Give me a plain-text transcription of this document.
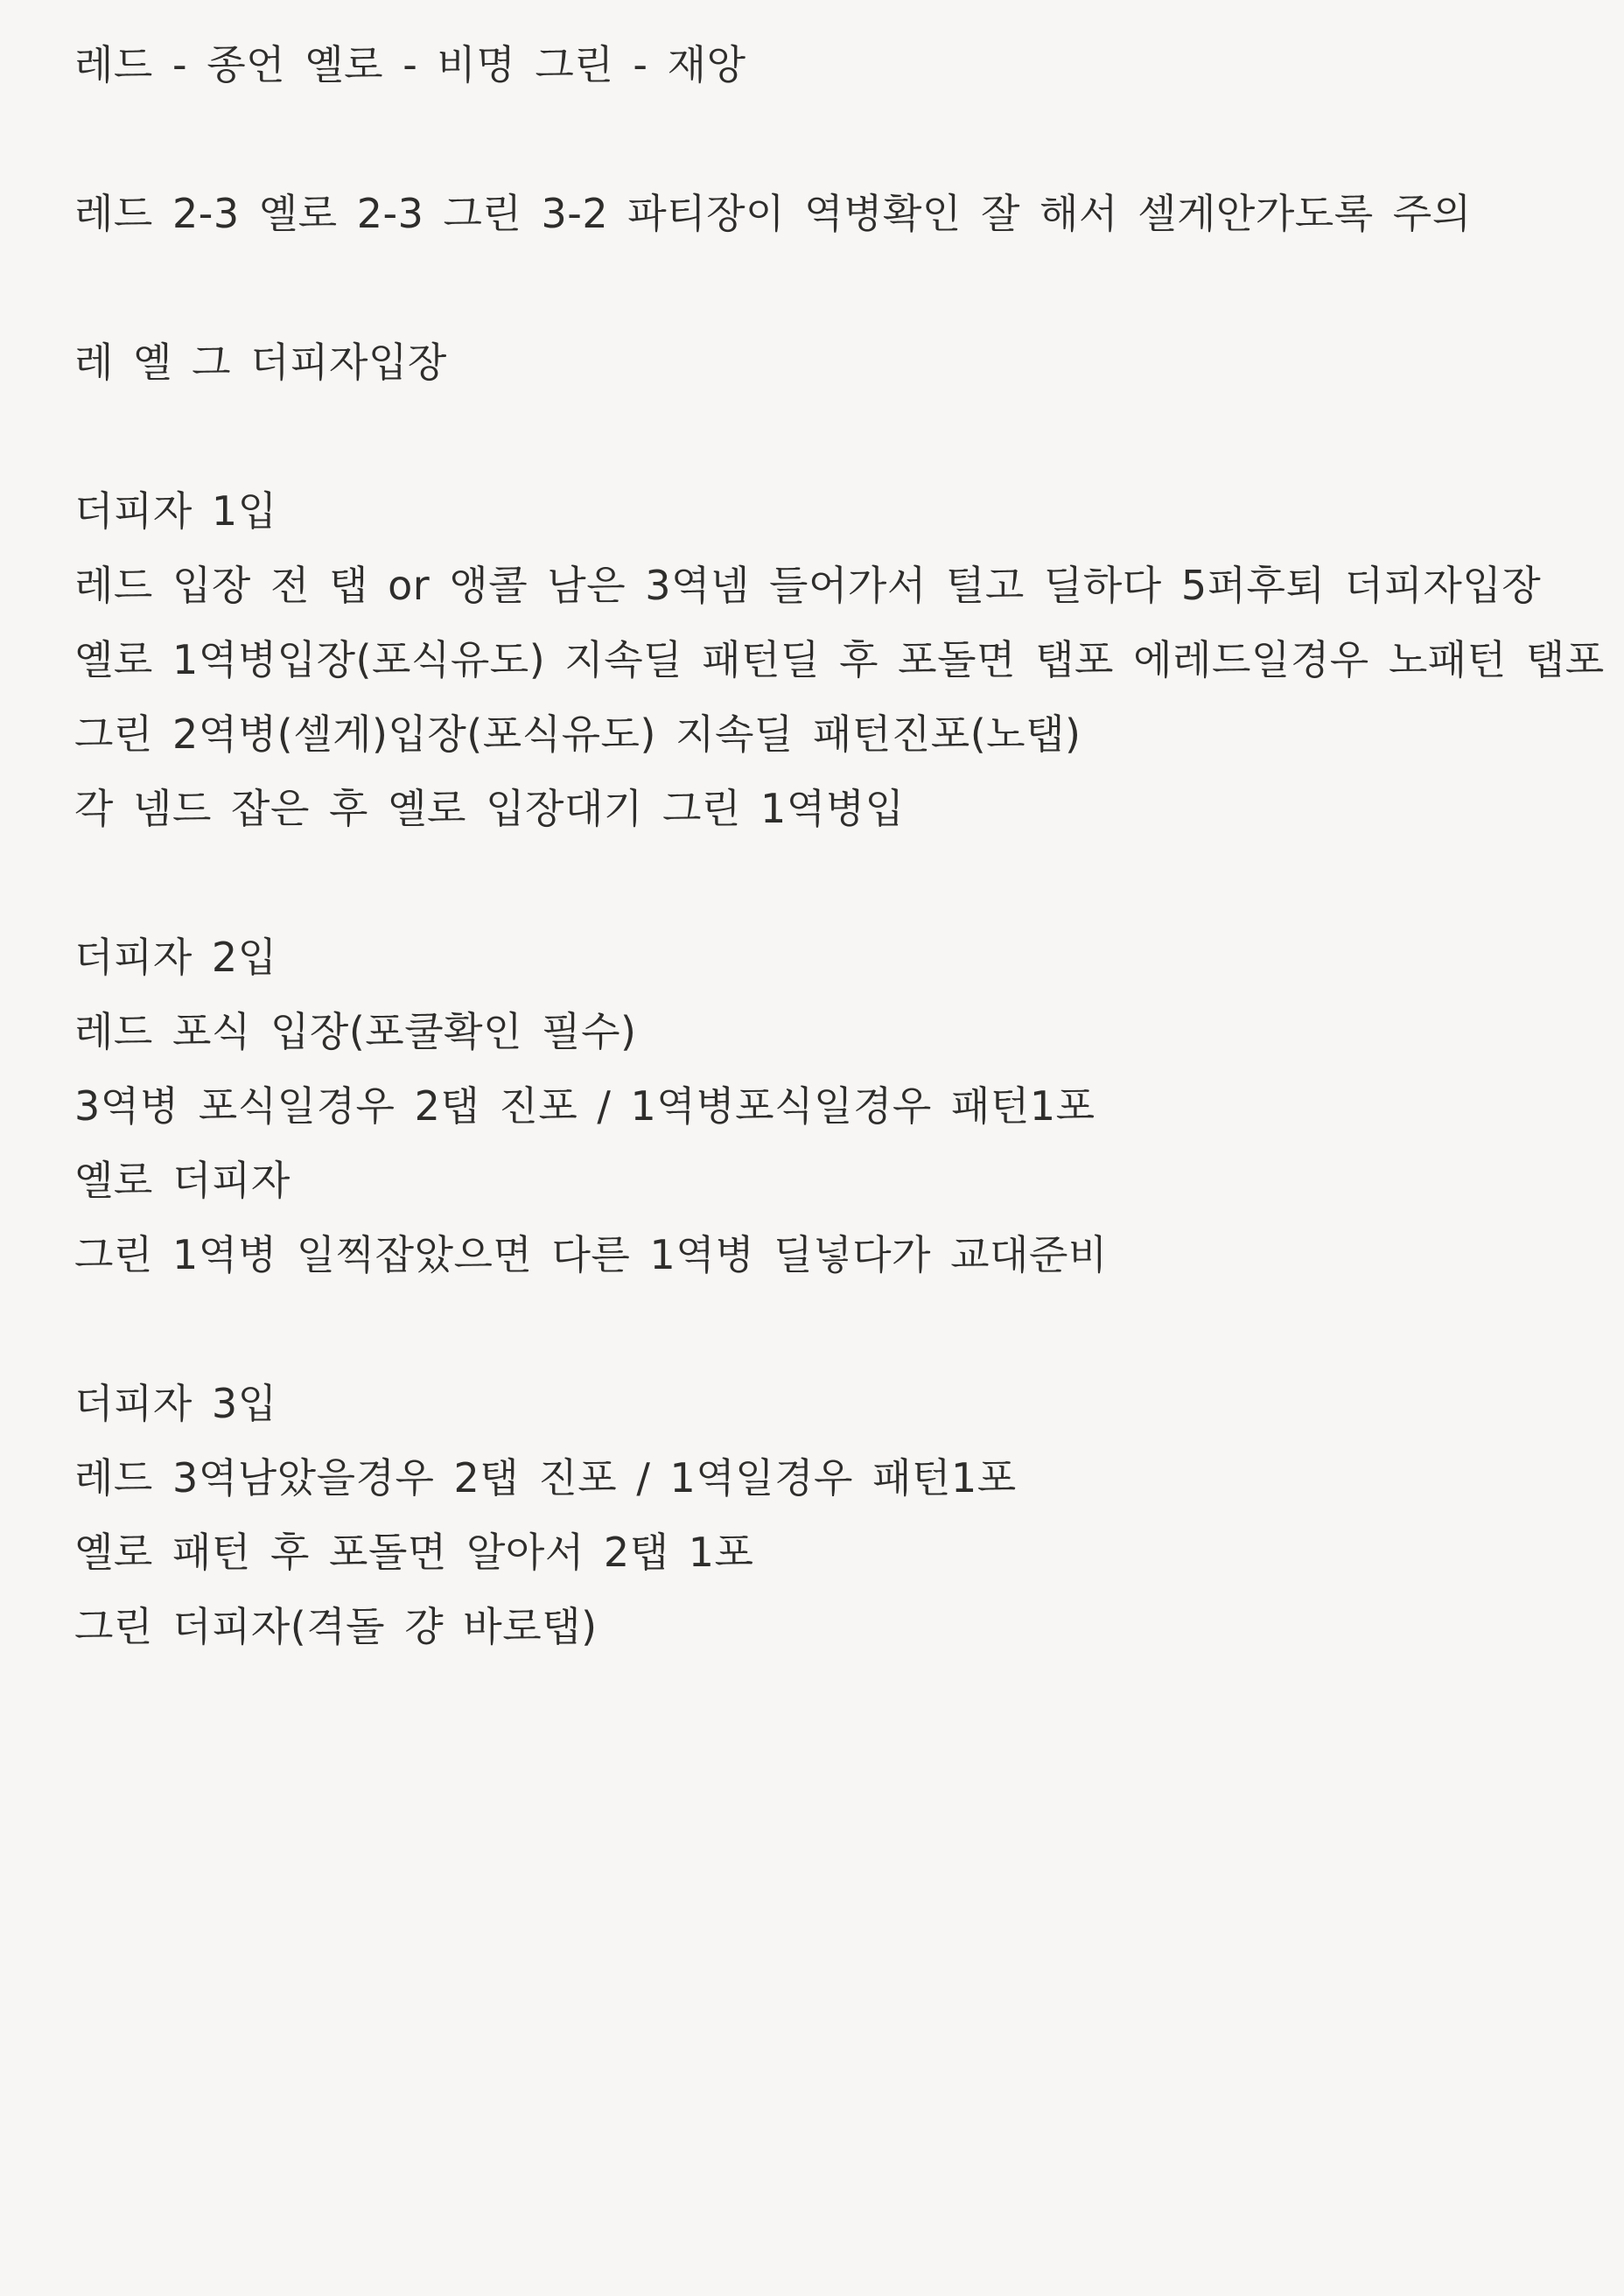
레드 - 종언 옐로 - 비명 그린 - 재앙
레드 2-3 옐로 2-3 그린 3-2 파티장이 역병확인 잘 해서 셀게안가도록 주의
레 옐 그 더피자입장
더피자 1입
레드 입장 전 탭 or 앵콜 남은 3역넴 들어가서 털고 딜하다 5퍼후퇴 더피자입장
옐로 1역병입장(포식유도) 지속딜 패턴딜 후 포돌면 탭포 에레드일경우 노패턴 탭포
그린 2역병(셀게)입장(포식유도) 지속딜 패턴진포(노탭)
각 넴드 잡은 후 옐로 입장대기 그린 1역병입
더피자 2입
레드 포식 입장(포쿨확인 필수)
3역병 포식일경우 2탭 진포 / 1역병포식일경우 패턴1포
옐로 더피자
그린 1역병 일찍잡았으면 다른 1역병 딜넣다가 교대준비
더피자 3입
레드 3역남았을경우 2탭 진포 / 1역일경우 패턴1포
옐로 패턴 후 포돌면 알아서 2탭 1포
그린 더피자(격돌 걍 바로탭)
